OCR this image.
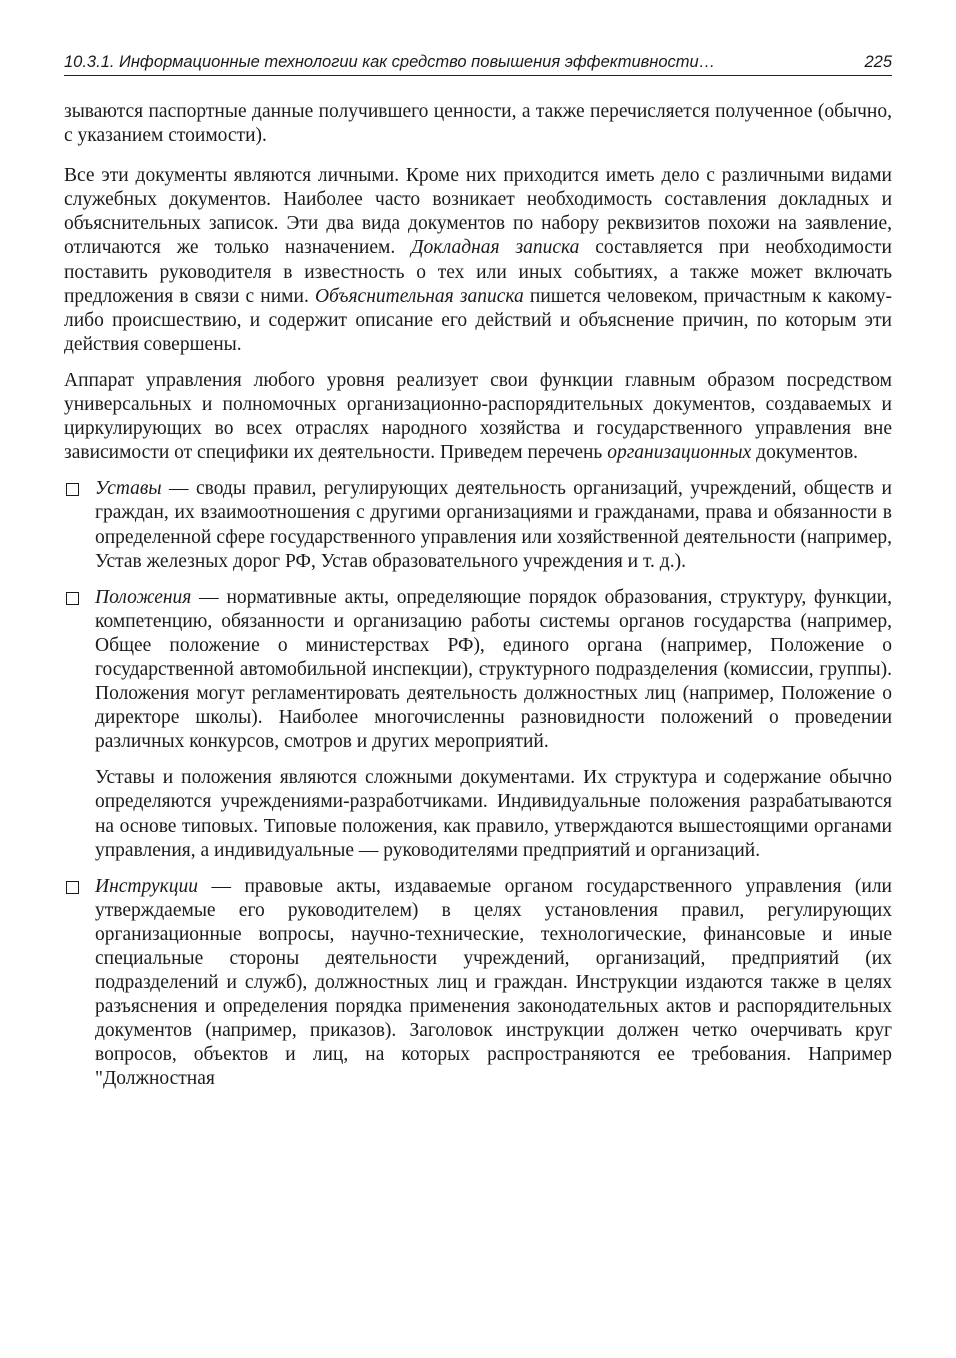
10.3.1. Информационные технологии как средство повышения эффективности…	225

зываются паспортные данные получившего ценности, а также перечисляется полученное (обычно, с указанием стоимости).

Все эти документы являются личными. Кроме них приходится иметь дело с различными видами служебных документов. Наиболее часто возникает необходимость составления докладных и объяснительных записок. Эти два вида документов по набору реквизитов похожи на заявление, отличаются же только назначением. Докладная записка составляется при необходимости поставить руководителя в известность о тех или иных событиях, а также может включать предложения в связи с ними. Объяснительная записка пишется человеком, причастным к какому-либо происшествию, и содержит описание его действий и объяснение причин, по которым эти действия совершены.

Аппарат управления любого уровня реализует свои функции главным образом посредством универсальных и полномочных организационно-распорядительных документов, создаваемых и циркулирующих во всех отраслях народного хозяйства и государственного управления вне зависимости от специфики их деятельности. Приведем перечень организационных документов.

Уставы — своды правил, регулирующих деятельность организаций, учреждений, обществ и граждан, их взаимоотношения с другими организациями и гражданами, права и обязанности в определенной сфере государственного управления или хозяйственной деятельности (например, Устав железных дорог РФ, Устав образовательного учреждения и т. д.).

Положения — нормативные акты, определяющие порядок образования, структуру, функции, компетенцию, обязанности и организацию работы системы органов государства (например, Общее положение о министерствах РФ), единого органа (например, Положение о государственной автомобильной инспекции), структурного подразделения (комиссии, группы). Положения могут регламентировать деятельность должностных лиц (например, Положение о директоре школы). Наиболее многочисленны разновидности положений о проведении различных конкурсов, смотров и других мероприятий.

Уставы и положения являются сложными документами. Их структура и содержание обычно определяются учреждениями-разработчиками. Индивидуальные положения разрабатываются на основе типовых. Типовые положения, как правило, утверждаются вышестоящими органами управления, а индивидуальные — руководителями предприятий и организаций.

Инструкции — правовые акты, издаваемые органом государственного управления (или утверждаемые его руководителем) в целях установления правил, регулирующих организационные вопросы, научно-технические, технологические, финансовые и иные специальные стороны деятельности учреждений, организаций, предприятий (их подразделений и служб), должностных лиц и граждан. Инструкции издаются также в целях разъяснения и определения порядка применения законодательных актов и распорядительных документов (например, приказов). Заголовок инструкции должен четко очерчивать круг вопросов, объектов и лиц, на которых распространяются ее требования. Например "Должностная
